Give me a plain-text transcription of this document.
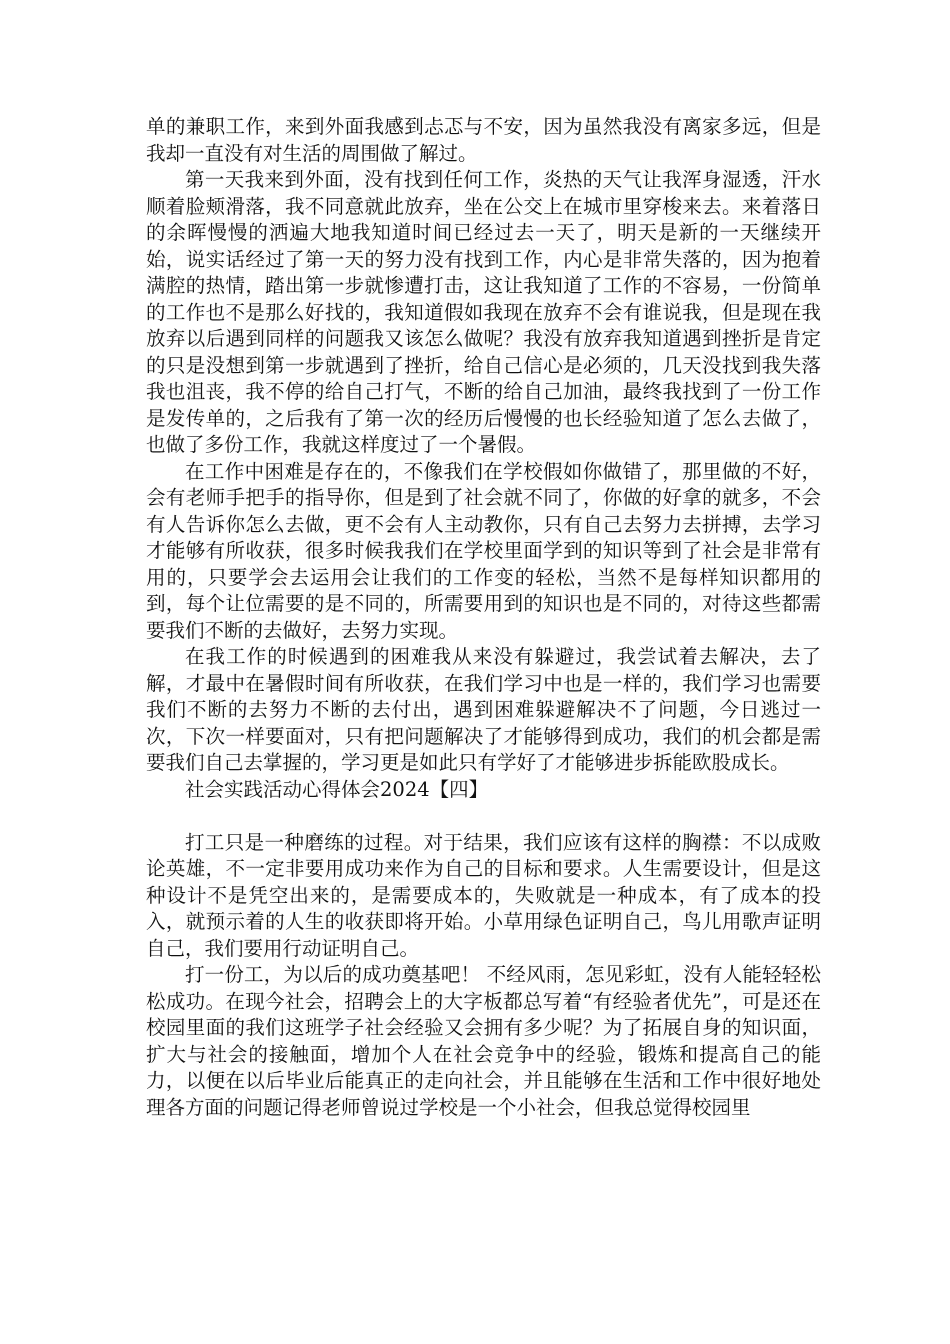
单的兼职工作，来到外面我感到忐忑与不安，因为虽然我没有离家多远，但是我却一直没有对生活的周围做了解过。

第一天我来到外面，没有找到任何工作，炎热的天气让我浑身湿透，汗水顺着脸颊滑落，我不同意就此放弃，坐在公交上在城市里穿梭来去。来着落日的余晖慢慢的洒遍大地我知道时间已经过去一天了，明天是新的一天继续开始，说实话经过了第一天的努力没有找到工作，内心是非常失落的，因为抱着满腔的热情，踏出第一步就惨遭打击，这让我知道了工作的不容易，一份简单的工作也不是那么好找的，我知道假如我现在放弃不会有谁说我，但是现在我放弃以后遇到同样的问题我又该怎么做呢？我没有放弃我知道遇到挫折是肯定的只是没想到第一步就遇到了挫折，给自己信心是必须的，几天没找到我失落我也沮丧，我不停的给自己打气，不断的给自己加油，最终我找到了一份工作是发传单的，之后我有了第一次的经历后慢慢的也长经验知道了怎么去做了，也做了多份工作，我就这样度过了一个暑假。

在工作中困难是存在的，不像我们在学校假如你做错了，那里做的不好，会有老师手把手的指导你，但是到了社会就不同了，你做的好拿的就多，不会有人告诉你怎么去做，更不会有人主动教你，只有自己去努力去拼搏，去学习才能够有所收获，很多时候我我们在学校里面学到的知识等到了社会是非常有用的，只要学会去运用会让我们的工作变的轻松，当然不是每样知识都用的到，每个让位需要的是不同的，所需要用到的知识也是不同的，对待这些都需要我们不断的去做好，去努力实现。

在我工作的时候遇到的困难我从来没有躲避过，我尝试着去解决，去了解，才最中在暑假时间有所收获，在我们学习中也是一样的，我们学习也需要我们不断的去努力不断的去付出，遇到困难躲避解决不了问题，今日逃过一次，下次一样要面对，只有把问题解决了才能够得到成功，我们的机会都是需要我们自己去掌握的，学习更是如此只有学好了才能够进步拆能欧股成长。

社会实践活动心得体会2024【四】

打工只是一种磨练的过程。对于结果，我们应该有这样的胸襟：不以成败论英雄，不一定非要用成功来作为自己的目标和要求。人生需要设计，但是这种设计不是凭空出来的，是需要成本的，失败就是一种成本，有了成本的投入，就预示着的人生的收获即将开始。小草用绿色证明自己，鸟儿用歌声证明自己，我们要用行动证明自己。

打一份工，为以后的成功奠基吧！ 不经风雨，怎见彩虹，没有人能轻轻松松成功。在现今社会，招聘会上的大字板都总写着“有经验者优先”，可是还在校园里面的我们这班学子社会经验又会拥有多少呢？为了拓展自身的知识面，扩大与社会的接触面，增加个人在社会竞争中的经验，锻炼和提高自己的能力，以便在以后毕业后能真正的走向社会，并且能够在生活和工作中很好地处理各方面的问题记得老师曾说过学校是一个小社会，但我总觉得校园里
